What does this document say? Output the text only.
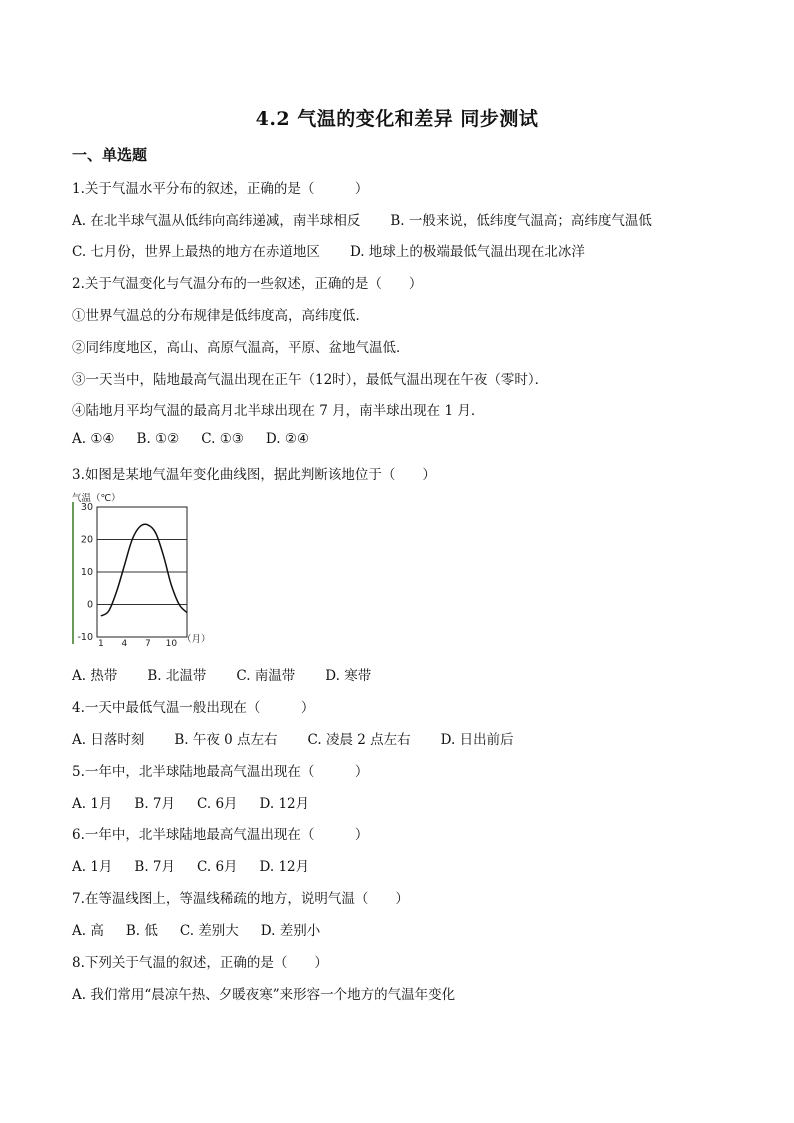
4.2 气温的变化和差异 同步测试
一、单选题
1.关于气温水平分布的叙述，正确的是（　　　）
A. 在北半球气温从低纬向高纬递减，南半球相反 B. 一般来说，低纬度气温高；高纬度气温低
C. 七月份，世界上最热的地方在赤道地区 D. 地球上的极端最低气温出现在北冰洋
2.关于气温变化与气温分布的一些叙述，正确的是（　　）
①世界气温总的分布规律是低纬度高，高纬度低．
②同纬度地区，高山、高原气温高，平原、盆地气温低．
③一天当中，陆地最高气温出现在正午（12时），最低气温出现在午夜（零时）．
④陆地月平均气温的最高月北半球出现在 7 月，南半球出现在 1 月．
A. ①④ B. ①② C. ①③ D. ②④
3.如图是某地气温年变化曲线图，据此判断该地位于（　　）
气温（℃）
30
20
10
0
-10
1 4 7 10 （月）
A. 热带 B. 北温带 C. 南温带 D. 寒带
4.一天中最低气温一般出现在（　　　）
A. 日落时刻 B. 午夜 0 点左右 C. 凌晨 2 点左右 D. 日出前后
5.一年中，北半球陆地最高气温出现在（　　　）
A. 1月 B. 7月 C. 6月 D. 12月
6.一年中，北半球陆地最高气温出现在（　　　）
A. 1月 B. 7月 C. 6月 D. 12月
7.在等温线图上，等温线稀疏的地方，说明气温（　　）
A. 高 B. 低 C. 差别大 D. 差别小
8.下列关于气温的叙述，正确的是（　　）
A. 我们常用“晨凉午热、夕暖夜寒”来形容一个地方的气温年变化
